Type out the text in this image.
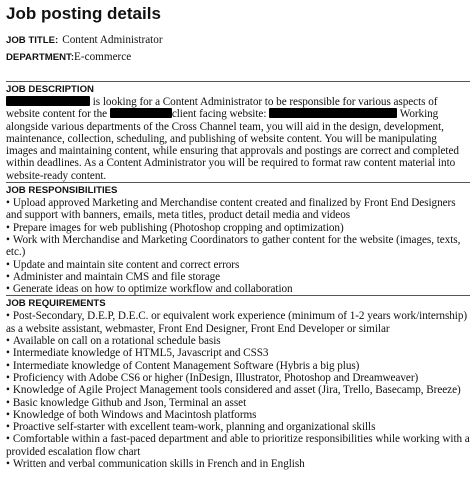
Job posting details
JOB TITLE: Content Administrator
DEPARTMENT:E-commerce
JOB DESCRIPTION

is looking for a Content Administrator to be responsible for various aspects of website content for the	client facing website:	Working alongside various departments of the Cross Channel team, you will aid in the design, development, maintenance, collection, scheduling, and publishing of website content. You will be manipulating images and maintaining content, while ensuring that approvals and postings are correct and completed within deadlines. As a Content Administrator you will be required to format raw content material into website-ready content.

JOB RESPONSIBILITIES
• Upload approved Marketing and Merchandise content created and finalized by Front End Designers and support with banners, emails, meta titles, product detail media and videos
• Prepare images for web publishing (Photoshop cropping and optimization)
• Work with Merchandise and Marketing Coordinators to gather content for the website (images, texts, etc.)
• Update and maintain site content and correct errors
• Administer and maintain CMS and file storage
• Generate ideas on how to optimize workflow and collaboration
JOB REQUIREMENTS
• Post-Secondary, D.E.P, D.E.C. or equivalent work experience (minimum of 1-2 years work/internship) as a website assistant, webmaster, Front End Designer, Front End Developer or similar
• Available on call on a rotational schedule basis
• Intermediate knowledge of HTML5, Javascript and CSS3
• Intermediate knowledge of Content Management Software (Hybris a big plus)
• Proficiency with Adobe CS6 or higher (InDesign, Illustrator, Photoshop and Dreamweaver)
• Knowledge of Agile Project Management tools considered and asset (Jira, Trello, Basecamp, Breeze)
• Basic knowledge Github and Json, Terminal an asset
• Knowledge of both Windows and Macintosh platforms
• Proactive self-starter with excellent team-work, planning and organizational skills
• Comfortable within a fast-paced department and able to prioritize responsibilities while working with a provided escalation flow chart
• Written and verbal communication skills in French and in English
